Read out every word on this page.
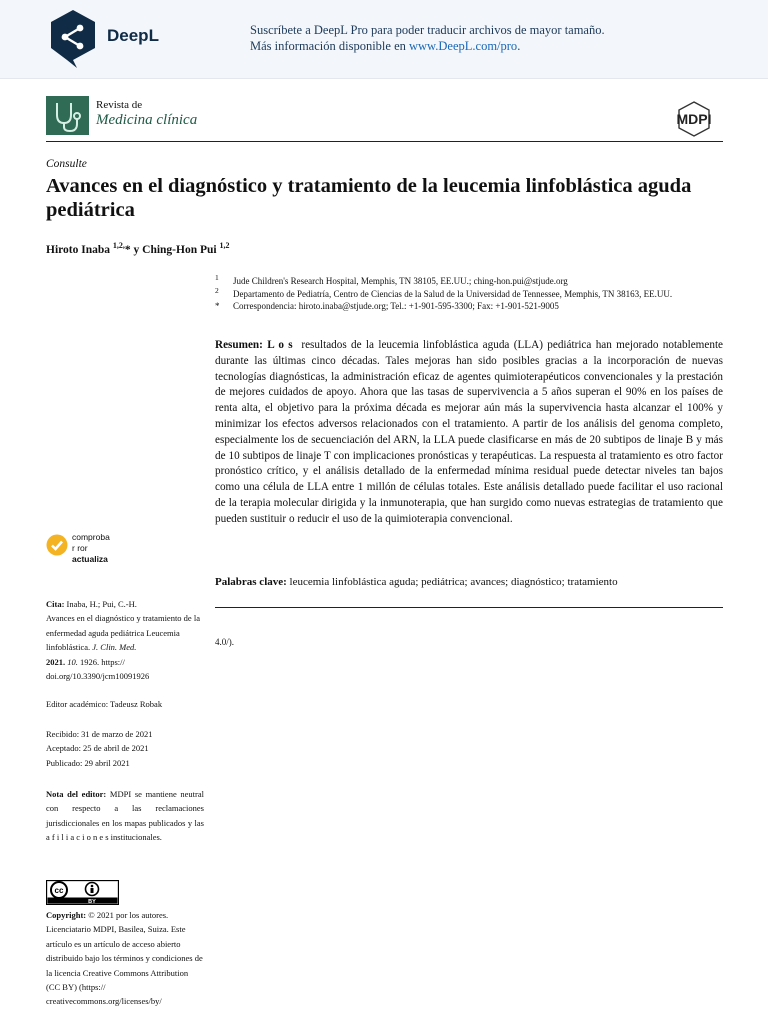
DeepL	Suscríbete a DeepL Pro para poder traducir archivos de mayor tamaño.
Más información disponible en www.DeepL.com/pro.
Revista de
Medicina clínica	MDPI
Consulte
Avances en el diagnóstico y tratamiento de la leucemia linfoblástica aguda pediátrica
Hiroto Inaba $^{1,2,}$* y Ching-Hon Pui $^{1,2}$
1 Jude Children's Research Hospital, Memphis, TN 38105, EE.UU.; ching-hon.pui@stjude.org
2 Departamento de Pediatría, Centro de Ciencias de la Salud de la Universidad de Tennessee, Memphis, TN 38163, EE.UU.
* Correspondencia: hiroto.inaba@stjude.org; Tel.: +1-901-595-3300; Fax: +1-901-521-9005
Resumen: L o s resultados de la leucemia linfoblástica aguda (LLA) pediátrica han mejorado notablemente durante las últimas cinco décadas. Tales mejoras han sido posibles gracias a la incorporación de nuevas tecnologías diagnósticas, la administración eficaz de agentes quimioterapéuticos convencionales y la prestación de mejores cuidados de apoyo. Ahora que las tasas de supervivencia a 5 años superan el 90% en los países de renta alta, el objetivo para la próxima década es mejorar aún más la supervivencia hasta alcanzar el 100% y minimizar los efectos adversos relacionados con el tratamiento. A partir de los análisis del genoma completo, especialmente los de secuenciación del ARN, la LLA puede clasificarse en más de 20 subtipos de linaje B y más de 10 subtipos de linaje T con implicaciones pronósticas y terapéuticas. La respuesta al tratamiento es otro factor pronóstico crítico, y el análisis detallado de la enfermedad mínima residual puede detectar niveles tan bajos como una célula de LLA entre 1 millón de células totales. Este análisis detallado puede facilitar el uso racional de la terapia molecular dirigida y la inmunoterapia, que han surgido como nuevas estrategias de tratamiento que pueden sustituir o reducir el uso de la quimioterapia convencional.
Palabras clave: leucemia linfoblástica aguda; pediátrica; avances; diagnóstico; tratamiento
4.0/).
comproba
r ror
actualiza
Cita: Inaba, H.; Pui, C.-H.
Avances en el diagnóstico y tratamiento de la enfermedad aguda pediátrica Leucemia linfoblástica. J. Clin. Med.
2021. 10. 1926. https://
doi.org/10.3390/jcm10091926
Editor académico: Tadeusz Robak
Recibido: 31 de marzo de 2021
Aceptado: 25 de abril de 2021
Publicado: 29 abril 2021
Nota del editor: MDPI se mantiene neutral con respecto a las reclamaciones jurisdiccionales en los mapas publicados y las a f i l i a c i o n e s institucionales.
cc
BY
Copyright: © 2021 por los autores. Licenciatario MDPI, Basilea, Suiza. Este artículo es un artículo de acceso abierto distribuido bajo los términos y condiciones de la licencia Creative Commons Attribution (CC BY) (https:// creativecommons.org/licenses/by/
